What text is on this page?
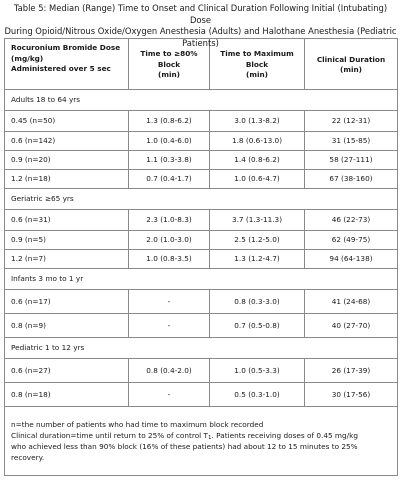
Table 5: Median (Range) Time to Onset and Clinical Duration Following Initial (Intubating) Dose
During Opioid/Nitrous Oxide/Oxygen Anesthesia (Adults) and Halothane Anesthesia (Pediatric
Patients)
Rocuronium Bromide Dose
(mg/kg)
Administered over 5 sec	Time to ≥80% Block
(min)	Time to Maximum
Block
(min)	Clinical Duration
(min)

Adults 18 to 64 yrs			
0.45 (n=50)	1.3 (0.8-6.2)	3.0 (1.3-8.2)	22 (12-31)
0.6 (n=142)	1.0 (0.4-6.0)	1.8 (0.6-13.0)	31 (15-85)
0.9 (n=20)	1.1 (0.3-3.8)	1.4 (0.8-6.2)	58 (27-111)
1.2 (n=18)	0.7 (0.4-1.7)	1.0 (0.6-4.7)	67 (38-160)
Geriatric ≥65 yrs			
0.6 (n=31)	2.3 (1.0-8.3)	3.7 (1.3-11.3)	46 (22-73)
0.9 (n=5)	2.0 (1.0-3.0)	2.5 (1.2-5.0)	62 (49-75)
1.2 (n=7)	1.0 (0.8-3.5)	1.3 (1.2-4.7)	94 (64-138)
Infants 3 mo to 1 yr			
0.6 (n=17)	-	0.8 (0.3-3.0)	41 (24-68)
0.8 (n=9)	-	0.7 (0.5-0.8)	40 (27-70)
Pediatric 1 to 12 yrs			
0.6 (n=27)	0.8 (0.4-2.0)	1.0 (0.5-3.3)	26 (17-39)
0.8 (n=18)	-	0.5 (0.3-1.0)	30 (17-56)

n=the number of patients who had time to maximum block recorded
Clinical duration=time until return to 25% of control $T_1$. Patients receiving doses of 0.45 mg/kg
who achieved less than 90% block (16% of these patients) had about 12 to 15 minutes to 25%
recovery.			
